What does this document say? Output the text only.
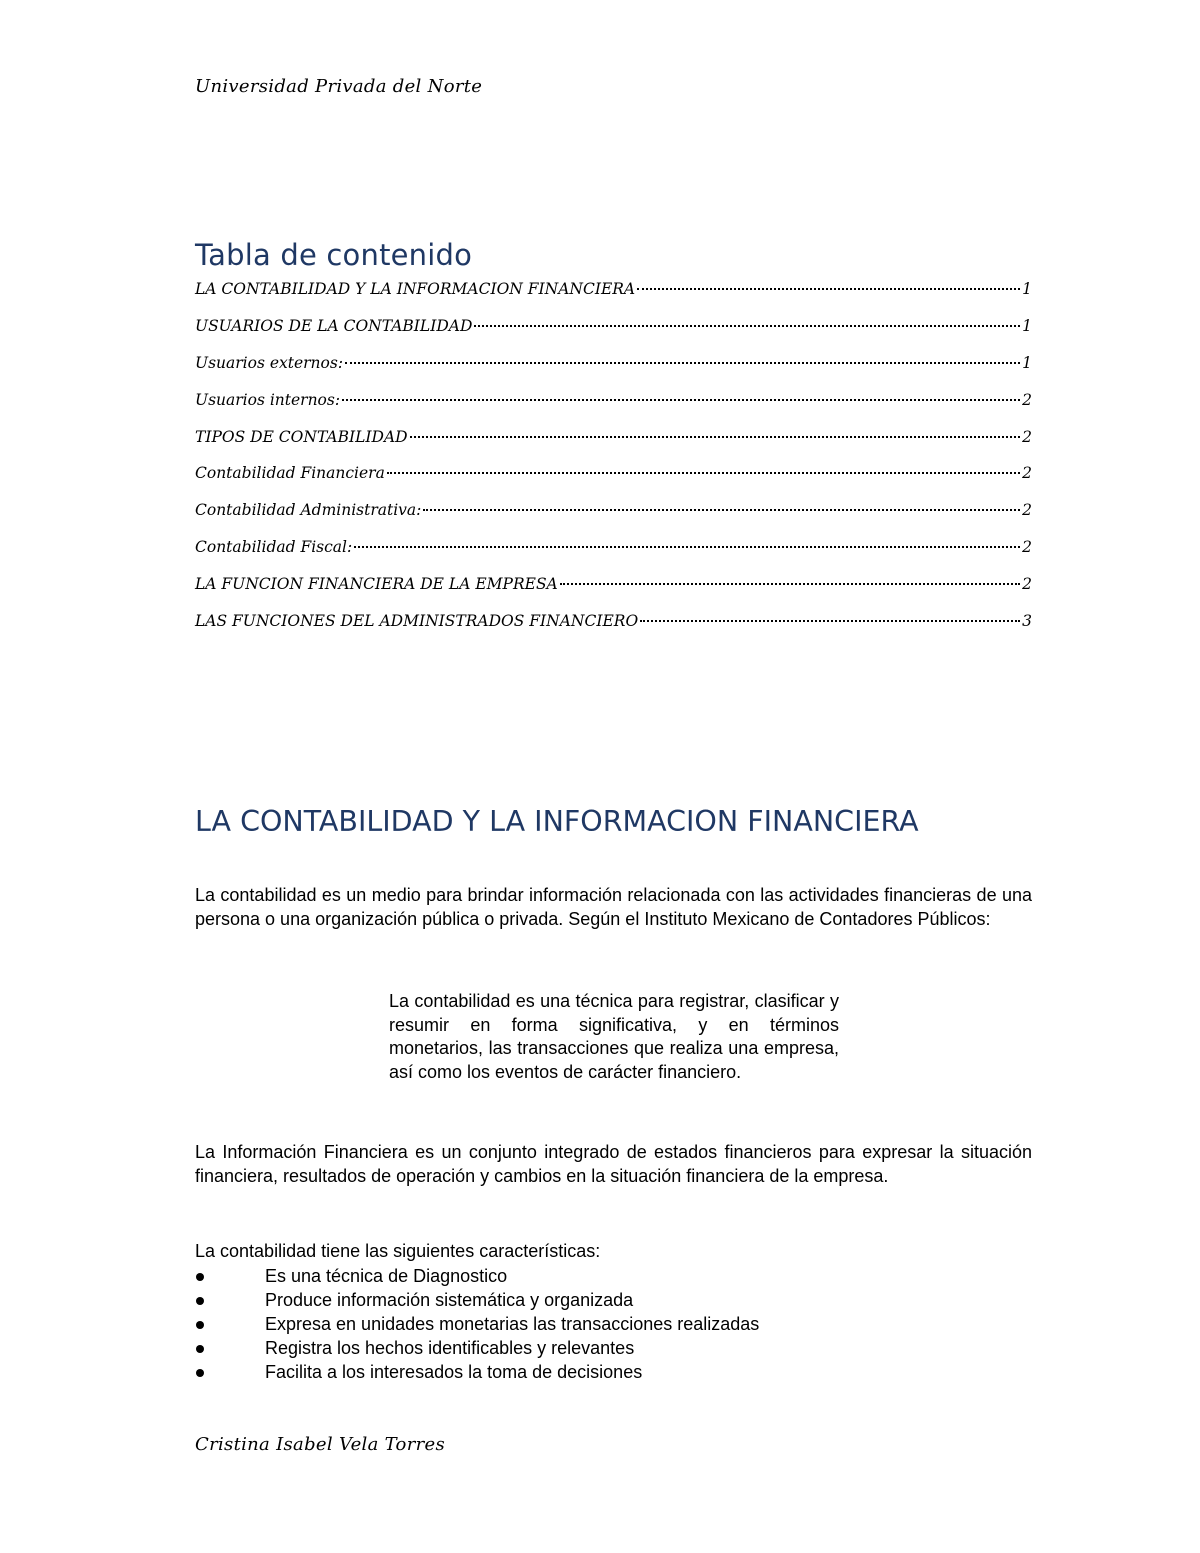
Universidad Privada del Norte
Tabla de contenido
LA CONTABILIDAD Y LA INFORMACION FINANCIERA	1
USUARIOS DE LA CONTABILIDAD	1
Usuarios externos:	1
Usuarios internos:	2
TIPOS DE CONTABILIDAD	2
Contabilidad Financiera	2
Contabilidad Administrativa:	2
Contabilidad Fiscal:	2
LA FUNCION FINANCIERA DE LA EMPRESA	2
LAS FUNCIONES DEL ADMINISTRADOS FINANCIERO	3
LA CONTABILIDAD Y LA INFORMACION FINANCIERA

La contabilidad es un medio para brindar información relacionada con las actividades financieras de una persona o una organización pública o privada. Según el Instituto Mexicano de Contadores Públicos:

La contabilidad es una técnica para registrar, clasificar y resumir en forma significativa, y en términos monetarios, las transacciones que realiza una empresa, así como los eventos de carácter financiero.

La Información Financiera es un conjunto integrado de estados financieros para expresar la situación financiera, resultados de operación y cambios en la situación financiera de la empresa.

La contabilidad tiene las siguientes características:

Es una técnica de Diagnostico
Produce información sistemática y organizada
Expresa en unidades monetarias las transacciones realizadas
Registra los hechos identificables y relevantes
Facilita a los interesados la toma de decisiones
Cristina Isabel Vela Torres
